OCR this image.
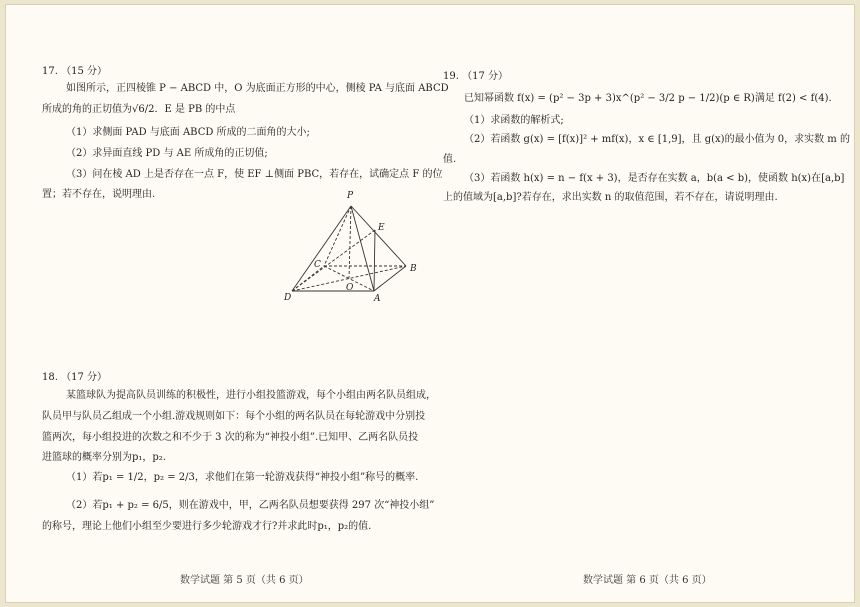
17. （15 分）
如图所示，正四棱锥 P − ABCD 中，O 为底面正方形的中心，侧棱 PA 与底面 ABCD
所成的角的正切值为√6/2．E 是 PB 的中点
（1）求侧面 PAD 与底面 ABCD 所成的二面角的大小;
（2）求异面直线 PD 与 AE 所成角的正切值;
（3）问在棱 AD 上是否存在一点 F，使 EF ⊥侧面 PBC，若存在，试确定点 F 的位
置；若不存在，说明理由.	P
E
C	B
O
D	A
18. （17 分）
某篮球队为提高队员训练的积极性，进行小组投篮游戏，每个小组由两名队员组成，
队员甲与队员乙组成一个小组.游戏规则如下：每个小组的两名队员在每轮游戏中分别投
篮两次，每小组投进的次数之和不少于 3 次的称为“神投小组”.已知甲、乙两名队员投
进篮球的概率分别为p₁，p₂.
（1）若p₁ = 1/2，p₂ = 2/3，求他们在第一轮游戏获得“神投小组”称号的概率.
（2）若p₁ + p₂ = 6/5，则在游戏中，甲，乙两名队员想要获得 297 次“神投小组”
的称号，理论上他们小组至少要进行多少轮游戏才行?并求此时p₁，p₂的值.
数学试题 第 5 页（共 6 页）
19. （17 分）
已知幂函数 f(x) = (p² − 3p + 3)x^(p² − 3/2 p − 1/2)(p ∈ R)满足 f(2) < f(4).
（1）求函数的解析式;
（2）若函数 g(x) = [f(x)]² + mf(x)，x ∈ [1,9]，且 g(x)的最小值为 0，求实数 m 的
值.
（3）若函数 h(x) = n − f(x + 3)，是否存在实数 a，b(a < b)，使函数 h(x)在[a,b]
上的值域为[a,b]?若存在，求出实数 n 的取值范围，若不存在，请说明理由.
数学试题 第 6 页（共 6 页）
